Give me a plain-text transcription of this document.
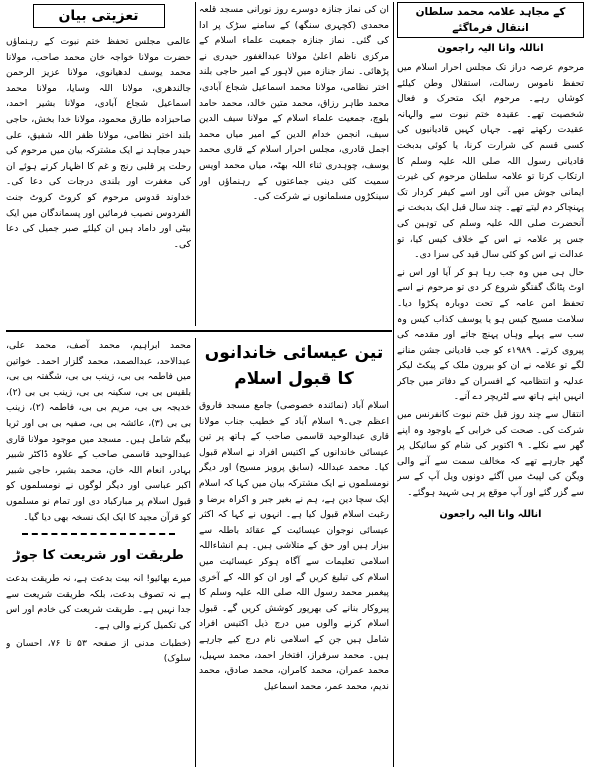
کے مجاہد علامہ محمد سلطان انتقال فرماگئے
اناللہ وانا الیہ راجعون

مرحوم عرصہ دراز تک مجلس احرار اسلام میں تحفظ ناموس رسالت، استقلال وطن کیلئے کوشاں رہے۔ مرحوم ایک متحرک و فعال شخصیت تھے۔ عقیدہ ختم نبوت سے والہانہ عقیدت رکھتے تھے۔ جہاں کہیں قادیانیوں کی کسی قسم کی شرارت کرنا، یا کوئی بدبخت قادیانی رسول اللہ صلی اللہ علیہ وسلم کا ارتکاب کرتا تو علامہ سلطان مرحوم کی غیرت ایمانی جوش میں آتی اور اسے کیفر کردار تک پہنچاکر دم لیتے تھے۔ چند سال قبل ایک بدبخت نے آنحضرت صلی اللہ علیہ وسلم کی توہین کی جس پر علامہ نے اس کے خلاف کیس کیا، تو عدالت نے اس کو کئی سال قید کی سزا دی۔

حال ہی میں وہ جب رہا ہو کر آیا اور اس نے اوٹ پٹانگ گفتگو شروع کر دی تو مرحوم نے اسے تحفظ امن عامہ کے تحت دوبارہ پکڑوا دیا۔ سلامت مسیح کیس ہو یا یوسف کذاب کیس وہ سب سے پہلے وہاں پہنچ جاتے اور مقدمہ کی پیروی کرتے۔ ۱۹۸۹ء کو جب قادیانی جشن منانے لگے تو علامہ نے ان کو بیرون ملک کے پیکٹ لیکر عدلیہ و انتظامیہ کے افسران کے دفاتر میں جاکر انہیں اپنے ہاتھ سے لٹریچر دے آتے۔

انتقال سے چند روز قبل ختم نبوت کانفرنس میں شرکت کی۔ صحت کی خرابی کے باوجود وہ اپنے گھر سے نکلے۔ ۹ اکتوبر کی شام کو سائیکل پر گھر جارہے تھے کہ مخالف سمت سے آنے والی ویگن کی لپیٹ میں آگئے دونوں ویل آپ کے سر سے گزر گئے اور آپ موقع پر ہی شہید ہوگئے۔

اناللہ وانا الیہ راجعون

ان کی نماز جنازہ دوسرے روز نورانی مسجد قلعہ محمدی (کچہری سنگھ) کے سامنے سڑک پر ادا کی گئی۔ نماز جنازہ جمعیت علماء اسلام کے مرکزی ناظم اعلیٰ مولانا عبدالغفور حیدری نے پڑھائی۔ نماز جنازہ میں لاہور کے امیر حاجی بلند اختر نظامی، مولانا محمد اسماعیل شجاع آبادی، محمد طاہر رزاق، محمد متین خالد، محمد حامد بلوچ، جمعیت علماء اسلام کے مولانا سیف الدین سیف، انجمن خدام الدین کے امیر میاں محمد اجمل قادری، مجلس احرار اسلام کے قاری محمد یوسف، چوہدری ثناء اللہ بھٹہ، میاں محمد اویس سمیت کئی دینی جماعتوں کے رہنماؤں اور سینکڑوں مسلمانوں نے شرکت کی۔

تعزیتی بیان

عالمی مجلس تحفظ ختم نبوت کے رہنماؤں حضرت مولانا خواجہ خان محمد صاحب، مولانا محمد یوسف لدھیانوی، مولانا عزیز الرحمن جالندھری، مولانا اللہ وسایا، مولانا محمد اسماعیل شجاع آبادی، مولانا بشیر احمد، صاحبزادہ طارق محمود، مولانا خدا بخش، حاجی بلند اختر نظامی، مولانا ظفر اللہ شفیق، علی حیدر مجاہد نے ایک مشترکہ بیان میں مرحوم کی رحلت پر قلبی رنج و غم کا اظہار کرتے ہوئے ان کی مغفرت اور بلندی درجات کی دعا کی۔ خداوند قدوس مرحوم کو کروٹ کروٹ جنت الفردوس نصیب فرمائیں اور پسماندگان میں ایک بیٹی اور داماد ہیں ان کیلئے صبر جمیل کی دعا کی۔

تین عیسائی خاندانوں کا قبول اسلام

اسلام آباد (نمائندہ خصوصی) جامع مسجد فاروق اعظم جی۔۹ اسلام آباد کے خطیب جناب مولانا قاری عبدالوحید قاسمی صاحب کے ہاتھ پر تین عیسائی خاندانوں کے اکتیس افراد نے اسلام قبول کیا۔ محمد عبداللہ (سابق پرویز مسیح) اور دیگر نومسلموں نے ایک مشترکہ بیان میں کہا کہ اسلام ایک سچا دین ہے، ہم نے بغیر جبر و اکراہ برضا و رغبت اسلام قبول کیا ہے۔ انہوں نے کہا کہ اکثر عیسائی نوجوان عیسائیت کے عقائد باطلہ سے بیزار ہیں اور حق کے متلاشی ہیں۔ ہم انشاءاللہ اسلامی تعلیمات سے آگاہ ہوکر عیسائیت میں اسلام کی تبلیغ کریں گے اور ان کو اللہ کے آخری پیغمبر محمد رسول اللہ صلی اللہ علیہ وسلم کا پیروکار بنانے کی بھرپور کوشش کریں گے۔ قبول اسلام کرنے والوں میں درج ذیل اکتیس افراد شامل ہیں جن کے اسلامی نام درج کیے جارہے ہیں۔ محمد سرفراز، افتخار احمد، محمد سہیل، محمد عمران، محمد کامران، محمد صادق، محمد ندیم، محمد عمر، محمد اسماعیل

محمد ابراہیم، محمد آصف، محمد علی، عبدالاحد، عبدالصمد، محمد گلزار احمد۔ خواتین میں فاطمہ بی بی، زینب بی بی، شگفتہ بی بی، بلقیس بی بی، سکینہ بی بی، زینب بی بی (۲)، خدیجہ بی بی، مریم بی بی، فاطمہ (۲)، زینب بی بی (۳)، عائشہ بی بی، صفیہ بی بی اور ثریا بیگم شامل ہیں۔ مسجد میں موجود مولانا قاری عبدالوحید قاسمی صاحب کے علاوہ ڈاکٹر شبیر بہادر، انعام اللہ خان، محمد بشیر، حاجی شبیر اکبر عباسی اور دیگر لوگوں نے نومسلموں کو قبول اسلام پر مبارکباد دی اور تمام نو مسلموں کو قرآن مجید کا ایک ایک نسخہ بھی دیا گیا۔

طریقت اور شریعت کا جوڑ

میرے بھائیو! انہ بیت بدعت ہے، نہ طریقت بدعت ہے نہ تصوف بدعت، بلکہ طریقت شریعت سے جدا نہیں ہے۔ طریقت شریعت کی خادم اور اس کی تکمیل کرنے والی ہے۔

(خطبات مدنی از صفحہ ۵۳ تا ۷۶، احسان و سلوک)
